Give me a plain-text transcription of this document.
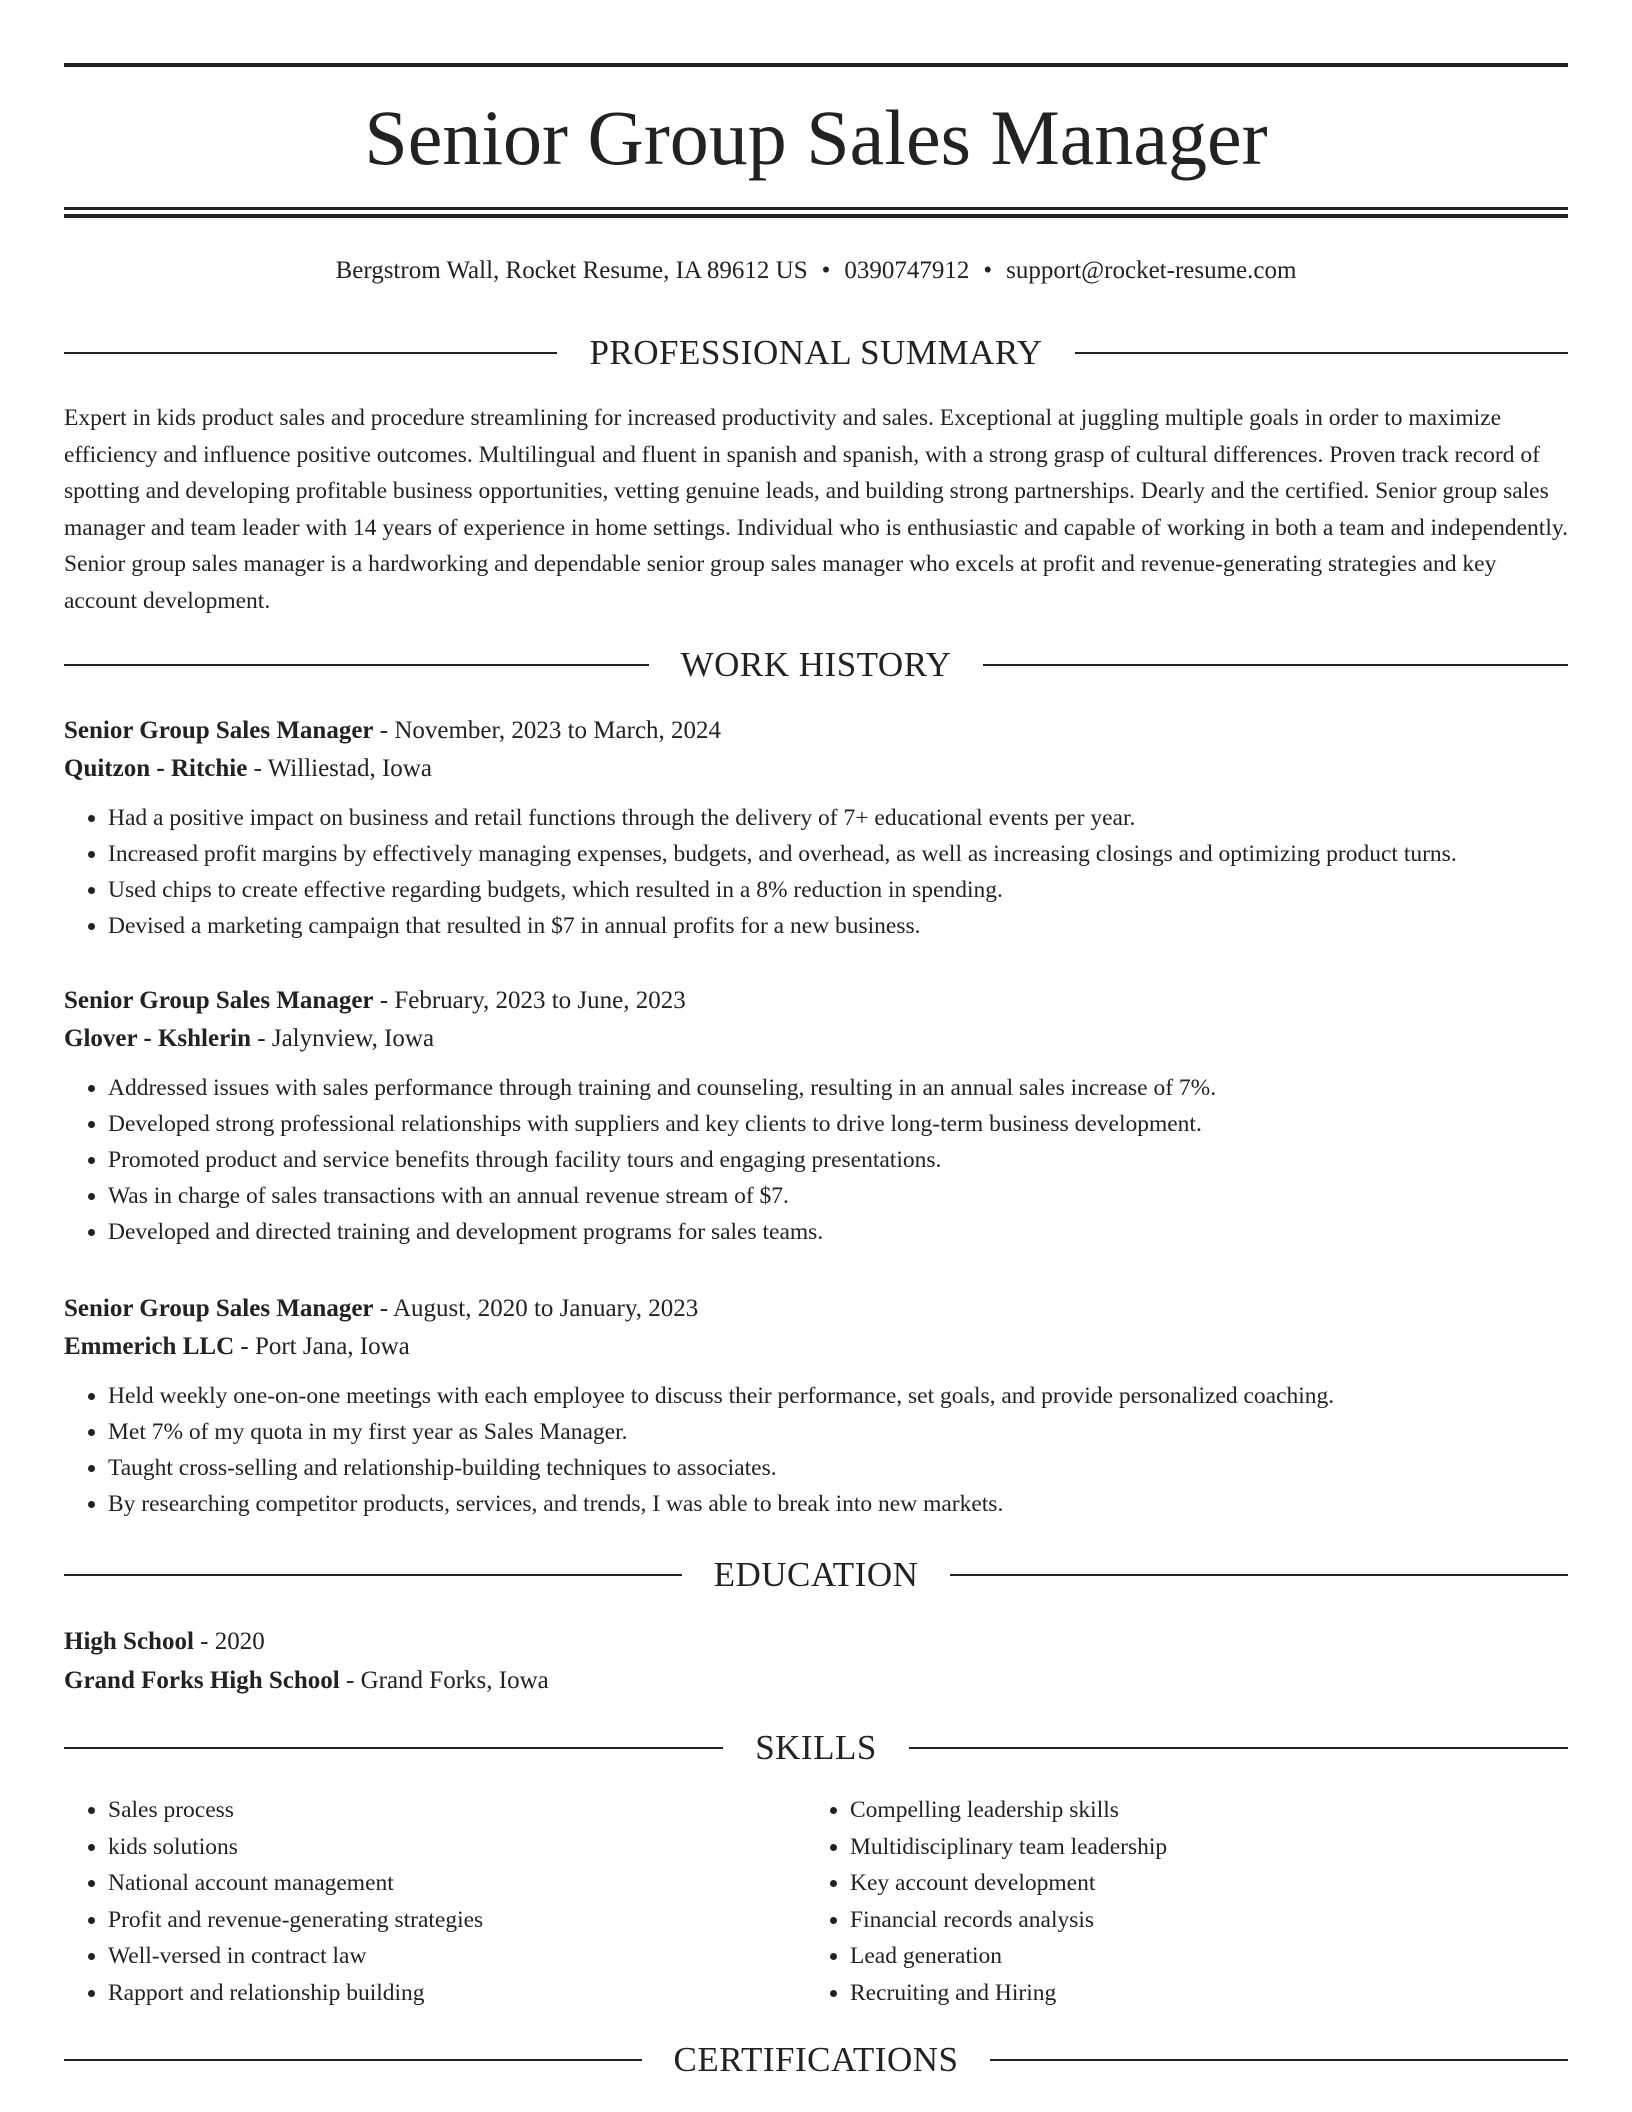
Senior Group Sales Manager
Bergstrom Wall, Rocket Resume, IA 89612 US • 0390747912 • support@rocket-resume.com
PROFESSIONAL SUMMARY
Expert in kids product sales and procedure streamlining for increased productivity and sales. Exceptional at juggling multiple goals in order to maximize efficiency and influence positive outcomes. Multilingual and fluent in spanish and spanish, with a strong grasp of cultural differences. Proven track record of spotting and developing profitable business opportunities, vetting genuine leads, and building strong partnerships. Dearly and the certified. Senior group sales manager and team leader with 14 years of experience in home settings. Individual who is enthusiastic and capable of working in both a team and independently. Senior group sales manager is a hardworking and dependable senior group sales manager who excels at profit and revenue-generating strategies and key account development.
WORK HISTORY
Senior Group Sales Manager - November, 2023 to March, 2024
Quitzon - Ritchie - Williestad, Iowa
• Had a positive impact on business and retail functions through the delivery of 7+ educational events per year.
• Increased profit margins by effectively managing expenses, budgets, and overhead, as well as increasing closings and optimizing product turns.
• Used chips to create effective regarding budgets, which resulted in a 8% reduction in spending.
• Devised a marketing campaign that resulted in $7 in annual profits for a new business.
Senior Group Sales Manager - February, 2023 to June, 2023
Glover - Kshlerin - Jalynview, Iowa
• Addressed issues with sales performance through training and counseling, resulting in an annual sales increase of 7%.
• Developed strong professional relationships with suppliers and key clients to drive long-term business development.
• Promoted product and service benefits through facility tours and engaging presentations.
• Was in charge of sales transactions with an annual revenue stream of $7.
• Developed and directed training and development programs for sales teams.
Senior Group Sales Manager - August, 2020 to January, 2023
Emmerich LLC - Port Jana, Iowa
• Held weekly one-on-one meetings with each employee to discuss their performance, set goals, and provide personalized coaching.
• Met 7% of my quota in my first year as Sales Manager.
• Taught cross-selling and relationship-building techniques to associates.
• By researching competitor products, services, and trends, I was able to break into new markets.
EDUCATION
High School - 2020
Grand Forks High School - Grand Forks, Iowa
SKILLS
• Sales process
• kids solutions
• National account management
• Profit and revenue-generating strategies
• Well-versed in contract law
• Rapport and relationship building
• Compelling leadership skills
• Multidisciplinary team leadership
• Key account development
• Financial records analysis
• Lead generation
• Recruiting and Hiring
CERTIFICATIONS
